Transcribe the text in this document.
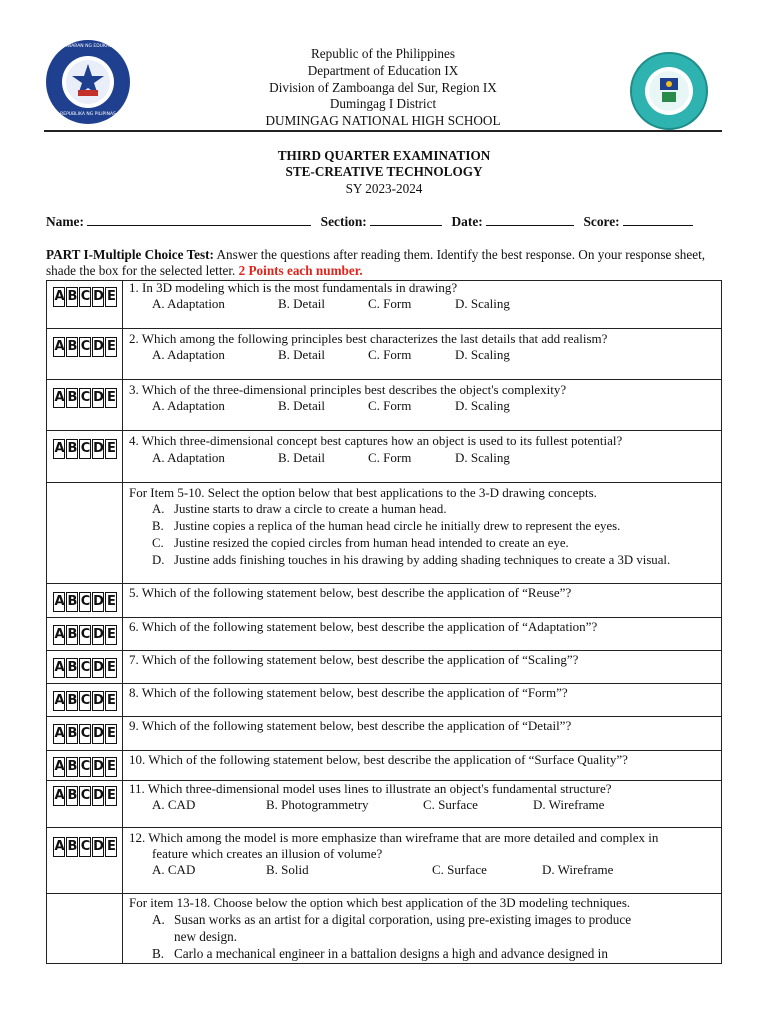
KAGAWARAN NG EDUKASYON
REPUBLIKA NG PILIPINAS
Republic of the Philippines
Department of Education IX
Division of Zamboanga del Sur, Region IX
Dumingag I District
DUMINGAG NATIONAL HIGH SCHOOL
THIRD QUARTER EXAMINATION
STE-CREATIVE TECHNOLOGY
SY 2023-2024
Name:	Section:	Date:	Score:
PART I-Multiple Choice Test: Answer the questions after reading them. Identify the best response. On your response sheet, shade the box for the selected letter. 2 Points each number.
A B C D E
1. In 3D modeling which is the most fundamentals in drawing?
A. Adaptation	B. Detail	C. Form	D. Scaling
A B C D E
2. Which among the following principles best characterizes the last details that add realism?
A. Adaptation	B. Detail	C. Form	D. Scaling
A B C D E
3. Which of the three-dimensional principles best describes the object's complexity?
A. Adaptation	B. Detail	C. Form	D. Scaling
A B C D E
4. Which three-dimensional concept best captures how an object is used to its fullest potential?
A. Adaptation	B. Detail	C. Form	D. Scaling
For Item 5-10. Select the option below that best applications to the 3-D drawing concepts.
A. Justine starts to draw a circle to create a human head.
B. Justine copies a replica of the human head circle he initially drew to represent the eyes.
C. Justine resized the copied circles from human head intended to create an eye.
D. Justine adds finishing touches in his drawing by adding shading techniques to create a 3D visual.
A B C D E
5. Which of the following statement below, best describe the application of “Reuse”?
A B C D E
6. Which of the following statement below, best describe the application of “Adaptation”?
A B C D E
7. Which of the following statement below, best describe the application of “Scaling”?
A B C D E
8. Which of the following statement below, best describe the application of “Form”?
A B C D E
9. Which of the following statement below, best describe the application of “Detail”?
A B C D E 10. Which of the following statement below, best describe the application of “Surface Quality”?
A B C D E 11. Which three-dimensional model uses lines to illustrate an object's fundamental structure?
A. CAD	B. Photogrammetry	C. Surface	D. Wireframe
A B C D E
12. Which among the model is more emphasize than wireframe that are more detailed and complex in
feature which creates an illusion of volume?
A. CAD	B. Solid	C. Surface	D. Wireframe
For item 13-18. Choose below the option which best application of the 3D modeling techniques.
A. Susan works as an artist for a digital corporation, using pre-existing images to produce
new design.
B. Carlo a mechanical engineer in a battalion designs a high and advance designed in
